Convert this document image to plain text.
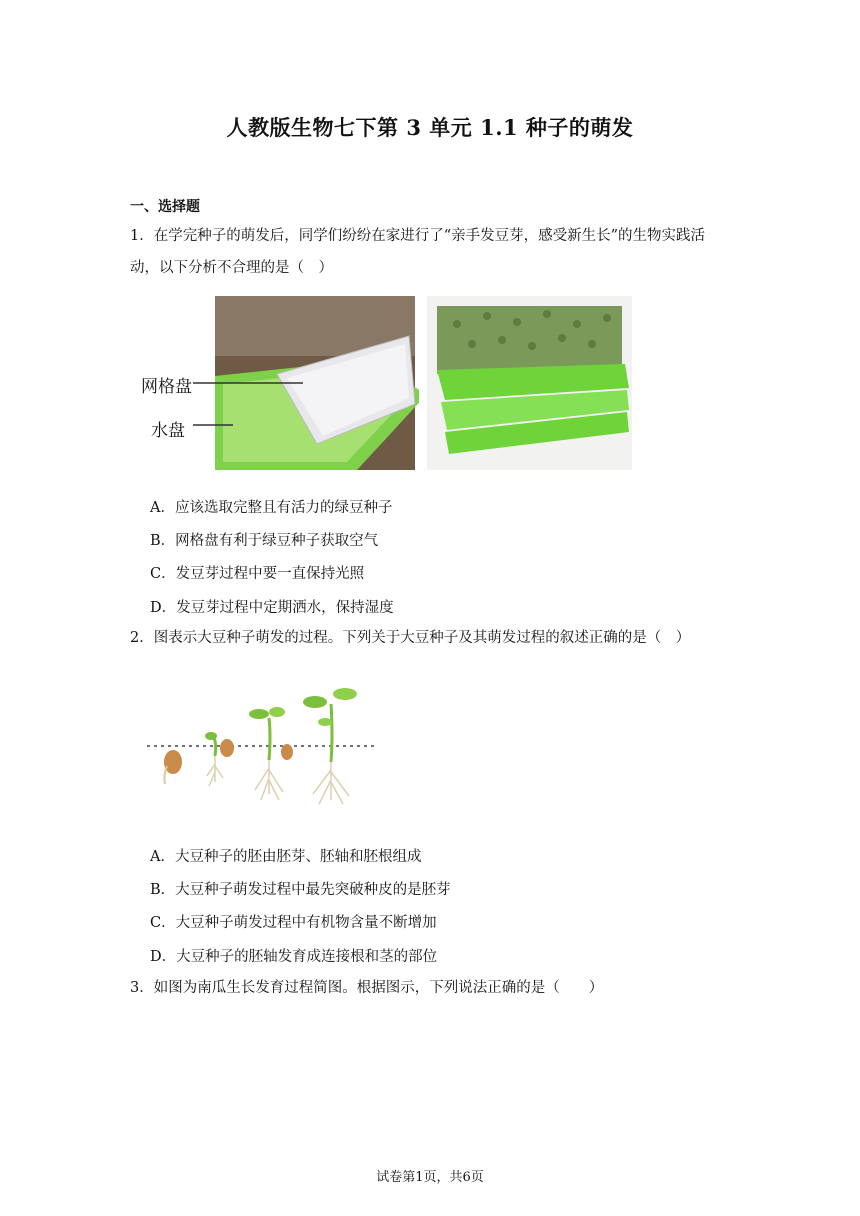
人教版生物七下第 3 单元 1.1 种子的萌发
一、选择题
1．在学完种子的萌发后，同学们纷纷在家进行了“亲手发豆芽，感受新生长”的生物实践活
动，以下分析不合理的是（　）
网格盘
水盘
A．应该选取完整且有活力的绿豆种子
B．网格盘有利于绿豆种子获取空气
C．发豆芽过程中要一直保持光照
D．发豆芽过程中定期洒水，保持湿度
2．图表示大豆种子萌发的过程。下列关于大豆种子及其萌发过程的叙述正确的是（　）
A．大豆种子的胚由胚芽、胚轴和胚根组成
B．大豆种子萌发过程中最先突破种皮的是胚芽
C．大豆种子萌发过程中有机物含量不断增加
D．大豆种子的胚轴发育成连接根和茎的部位
3．如图为南瓜生长发育过程简图。根据图示，下列说法正确的是（　　）
试卷第1页，共6页
